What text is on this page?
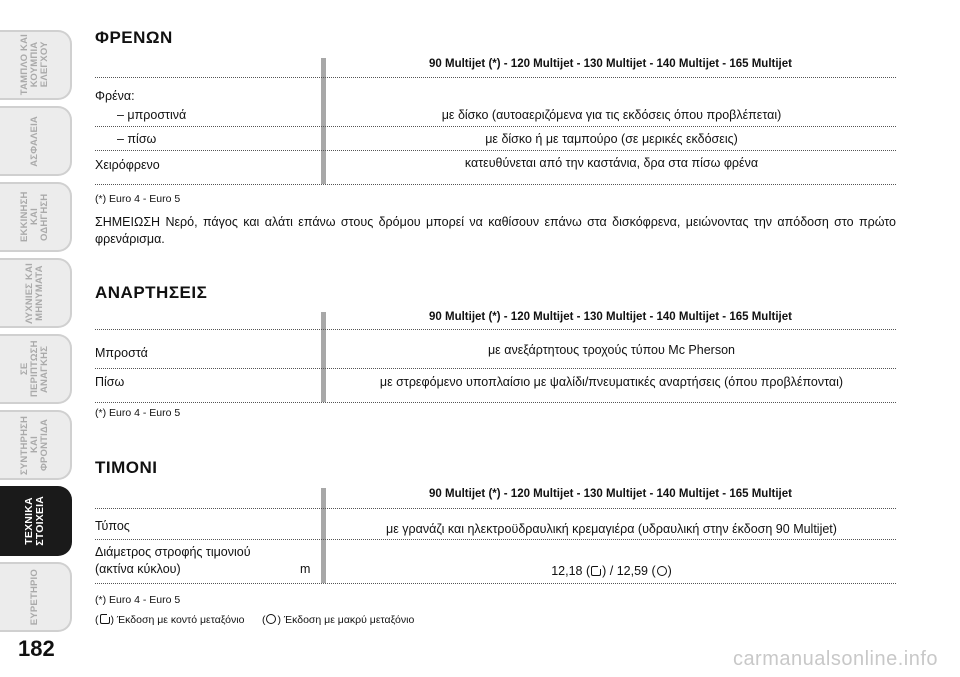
ΤΑΜΠΛΟ ΚΑΙ
ΚΟΥΜΠΙΑ
ΕΛΕΓΧΟΥ
ΑΣΦΑΛΕΙΑ
ΕΚΚΙΝΗΣΗ
ΚΑΙ ΟΔΗΓΗΣΗ
ΛΥΧΝΙΕΣ ΚΑΙ
ΜΗΝΥΜΑΤΑ
ΣΕ ΠΕΡΙΠΤΩΣΗ
ΑΝΑΓΚΗΣ
ΣΥΝΤΗΡΗΣΗ
ΚΑΙ ΦΡΟΝΤΙΔΑ
ΤΕΧΝΙΚΑ
ΣΤΟΙΧΕΙΑ
ΕΥΡΕΤΗΡΙΟ
182
ΦΡΕΝΩΝ
90 Multijet (*) - 120 Multijet - 130 Multijet - 140 Multijet - 165 Multijet
Φρένα:
– μπροστινά	με δίσκο (αυτοαεριζόμενα για τις εκδόσεις όπου προβλέπεται)
– πίσω	με δίσκο ή με ταμπούρο (σε μερικές εκδόσεις)
Χειρόφρενο	κατευθύνεται από την καστάνια, δρα στα πίσω φρένα
(*) Euro 4 - Euro 5
ΣΗΜΕΙΩΣΗ Νερό, πάγος και αλάτι επάνω στους δρόμου μπορεί να καθίσουν επάνω στα δισκόφρενα, μειώνοντας την απόδοση στο πρώτο φρενάρισμα.
ΑΝΑΡΤΗΣΕΙΣ
90 Multijet (*) - 120 Multijet - 130 Multijet - 140 Multijet - 165 Multijet
Μπροστά	με ανεξάρτητους τροχούς τύπου Mc Pherson
Πίσω	με στρεφόμενο υποπλαίσιο με ψαλίδι/πνευματικές αναρτήσεις (όπου προβλέπονται)
(*) Euro 4 - Euro 5
ΤΙΜΟΝΙ
90 Multijet (*) - 120 Multijet - 130 Multijet - 140 Multijet - 165 Multijet
Τύπος	με γρανάζι και ηλεκτροϋδραυλική κρεμαγιέρα (υδραυλική στην έκδοση 90 Multijet)
Διάμετρος στροφής τιμονιού
(ακτίνα κύκλου)	m	12,18 ( ) / 12,59 ( )
(*) Euro 4 - Euro 5
( ) Έκδοση με κοντό μεταξόνιο      ( ) Έκδοση με μακρύ μεταξόνιο
carmanualsonline.info
